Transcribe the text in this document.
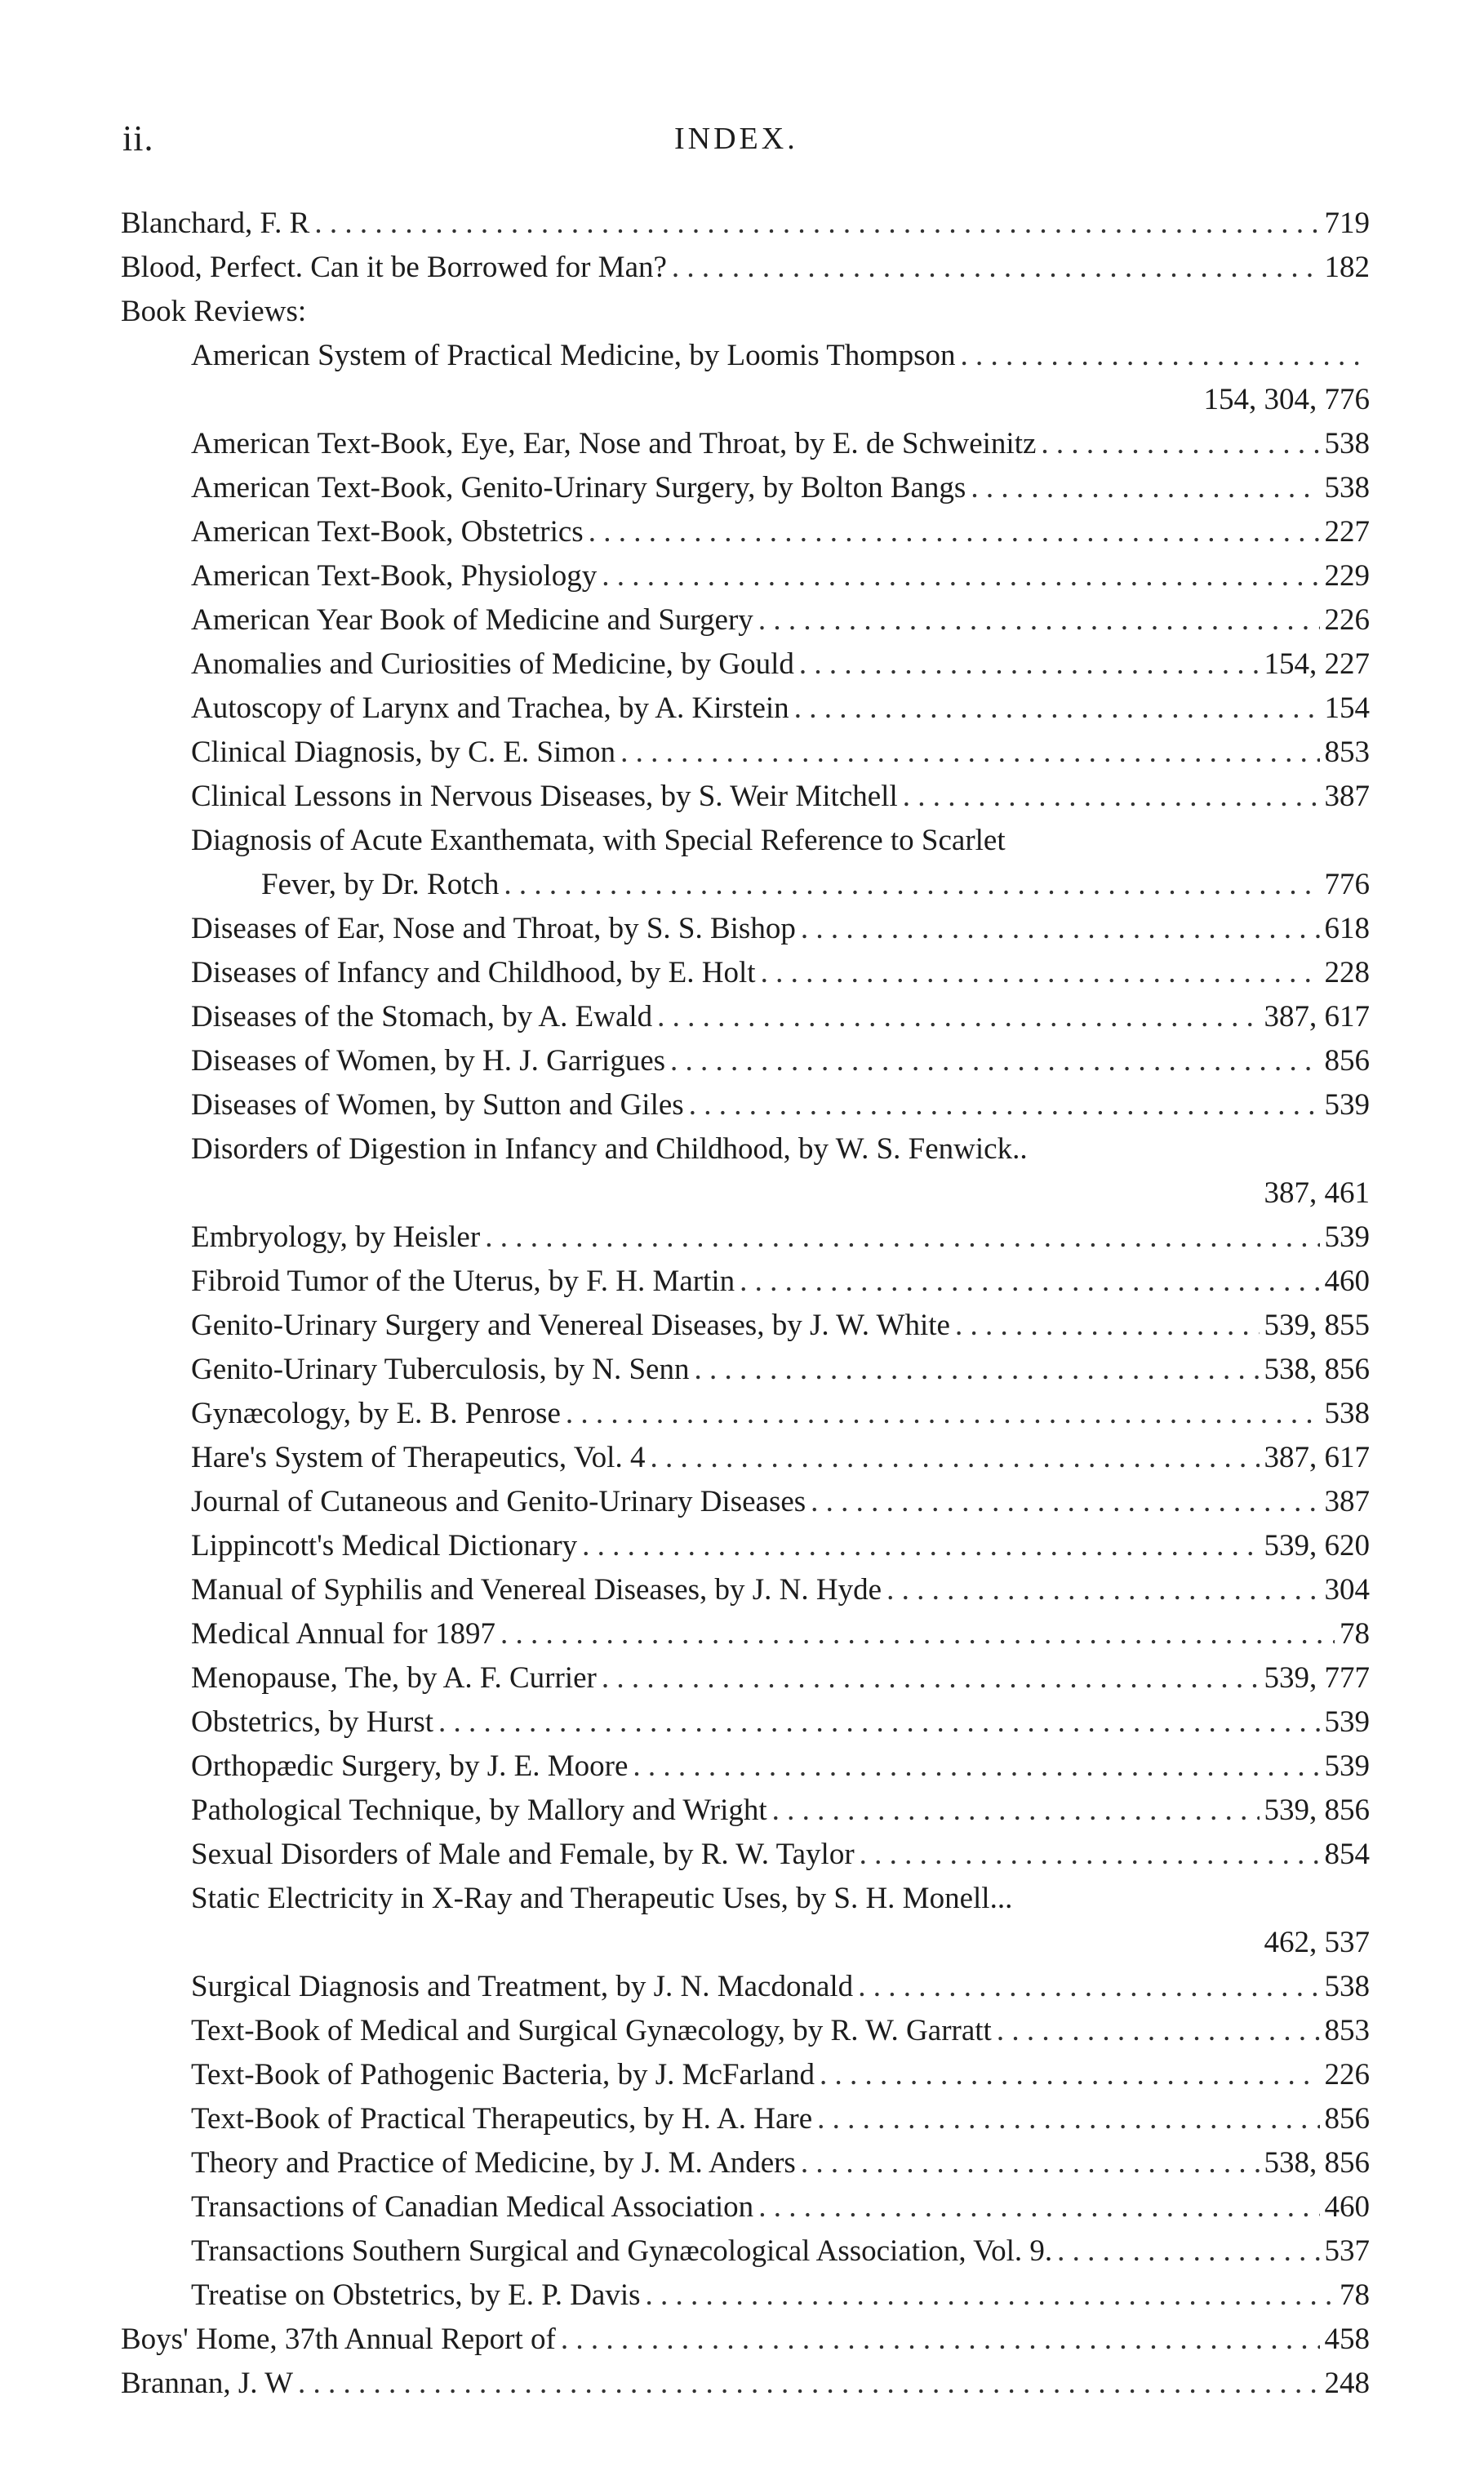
ii.	INDEX.
Blanchard, F. R . . .	719
Blood, Perfect. Can it be Borrowed for Man? . . .	182
Book Reviews:
American System of Practical Medicine, by Loomis Thompson
. . .
154, 304, 776
American Text-Book, Eye, Ear, Nose and Throat, by E. de Schweinitz . . .	538
American Text-Book, Genito-Urinary Surgery, by Bolton Bangs . . .	538
American Text-Book, Obstetrics . . .	227
American Text-Book, Physiology . . .	229
American Year Book of Medicine and Surgery . . .	226
Anomalies and Curiosities of Medicine, by Gould . . .	154, 227
Autoscopy of Larynx and Trachea, by A. Kirstein . . .	154
Clinical Diagnosis, by C. E. Simon . . .	853
Clinical Lessons in Nervous Diseases, by S. Weir Mitchell . . .	387
Diagnosis of Acute Exanthemata, with Special Reference to Scarlet
Fever, by Dr. Rotch . . .	776
Diseases of Ear, Nose and Throat, by S. S. Bishop . . .	618
Diseases of Infancy and Childhood, by E. Holt . . .	228
Diseases of the Stomach, by A. Ewald . . .	387, 617
Diseases of Women, by H. J. Garrigues . . .	856
Diseases of Women, by Sutton and Giles . . .	539
Disorders of Digestion in Infancy and Childhood, by W. S. Fenwick..
387, 461
Embryology, by Heisler . . .	539
Fibroid Tumor of the Uterus, by F. H. Martin . . .	460
Genito-Urinary Surgery and Venereal Diseases, by J. W. White . . .	539, 855
Genito-Urinary Tuberculosis, by N. Senn . . .	538, 856
Gynæcology, by E. B. Penrose . . .	538
Hare's System of Therapeutics, Vol. 4 . . .	387, 617
Journal of Cutaneous and Genito-Urinary Diseases . . .	387
Lippincott's Medical Dictionary . . .	539, 620
Manual of Syphilis and Venereal Diseases, by J. N. Hyde . . .	304
Medical Annual for 1897 . . .	78
Menopause, The, by A. F. Currier . . .	539, 777
Obstetrics, by Hurst . . .	539
Orthopædic Surgery, by J. E. Moore . . .	539
Pathological Technique, by Mallory and Wright . . .	539, 856
Sexual Disorders of Male and Female, by R. W. Taylor . . .	854
Static Electricity in X-Ray and Therapeutic Uses, by S. H. Monell...
462, 537
Surgical Diagnosis and Treatment, by J. N. Macdonald . . .	538
Text-Book of Medical and Surgical Gynæcology, by R. W. Garratt . . .	853
Text-Book of Pathogenic Bacteria, by J. McFarland . . .	226
Text-Book of Practical Therapeutics, by H. A. Hare . . .	856
Theory and Practice of Medicine, by J. M. Anders . . .	538, 856
Transactions of Canadian Medical Association . . .	460
Transactions Southern Surgical and Gynæcological Association, Vol. 9. . . .	537
Treatise on Obstetrics, by E. P. Davis . . .	78
Boys' Home, 37th Annual Report of . . .	458
Brannan, J. W . . .	248
